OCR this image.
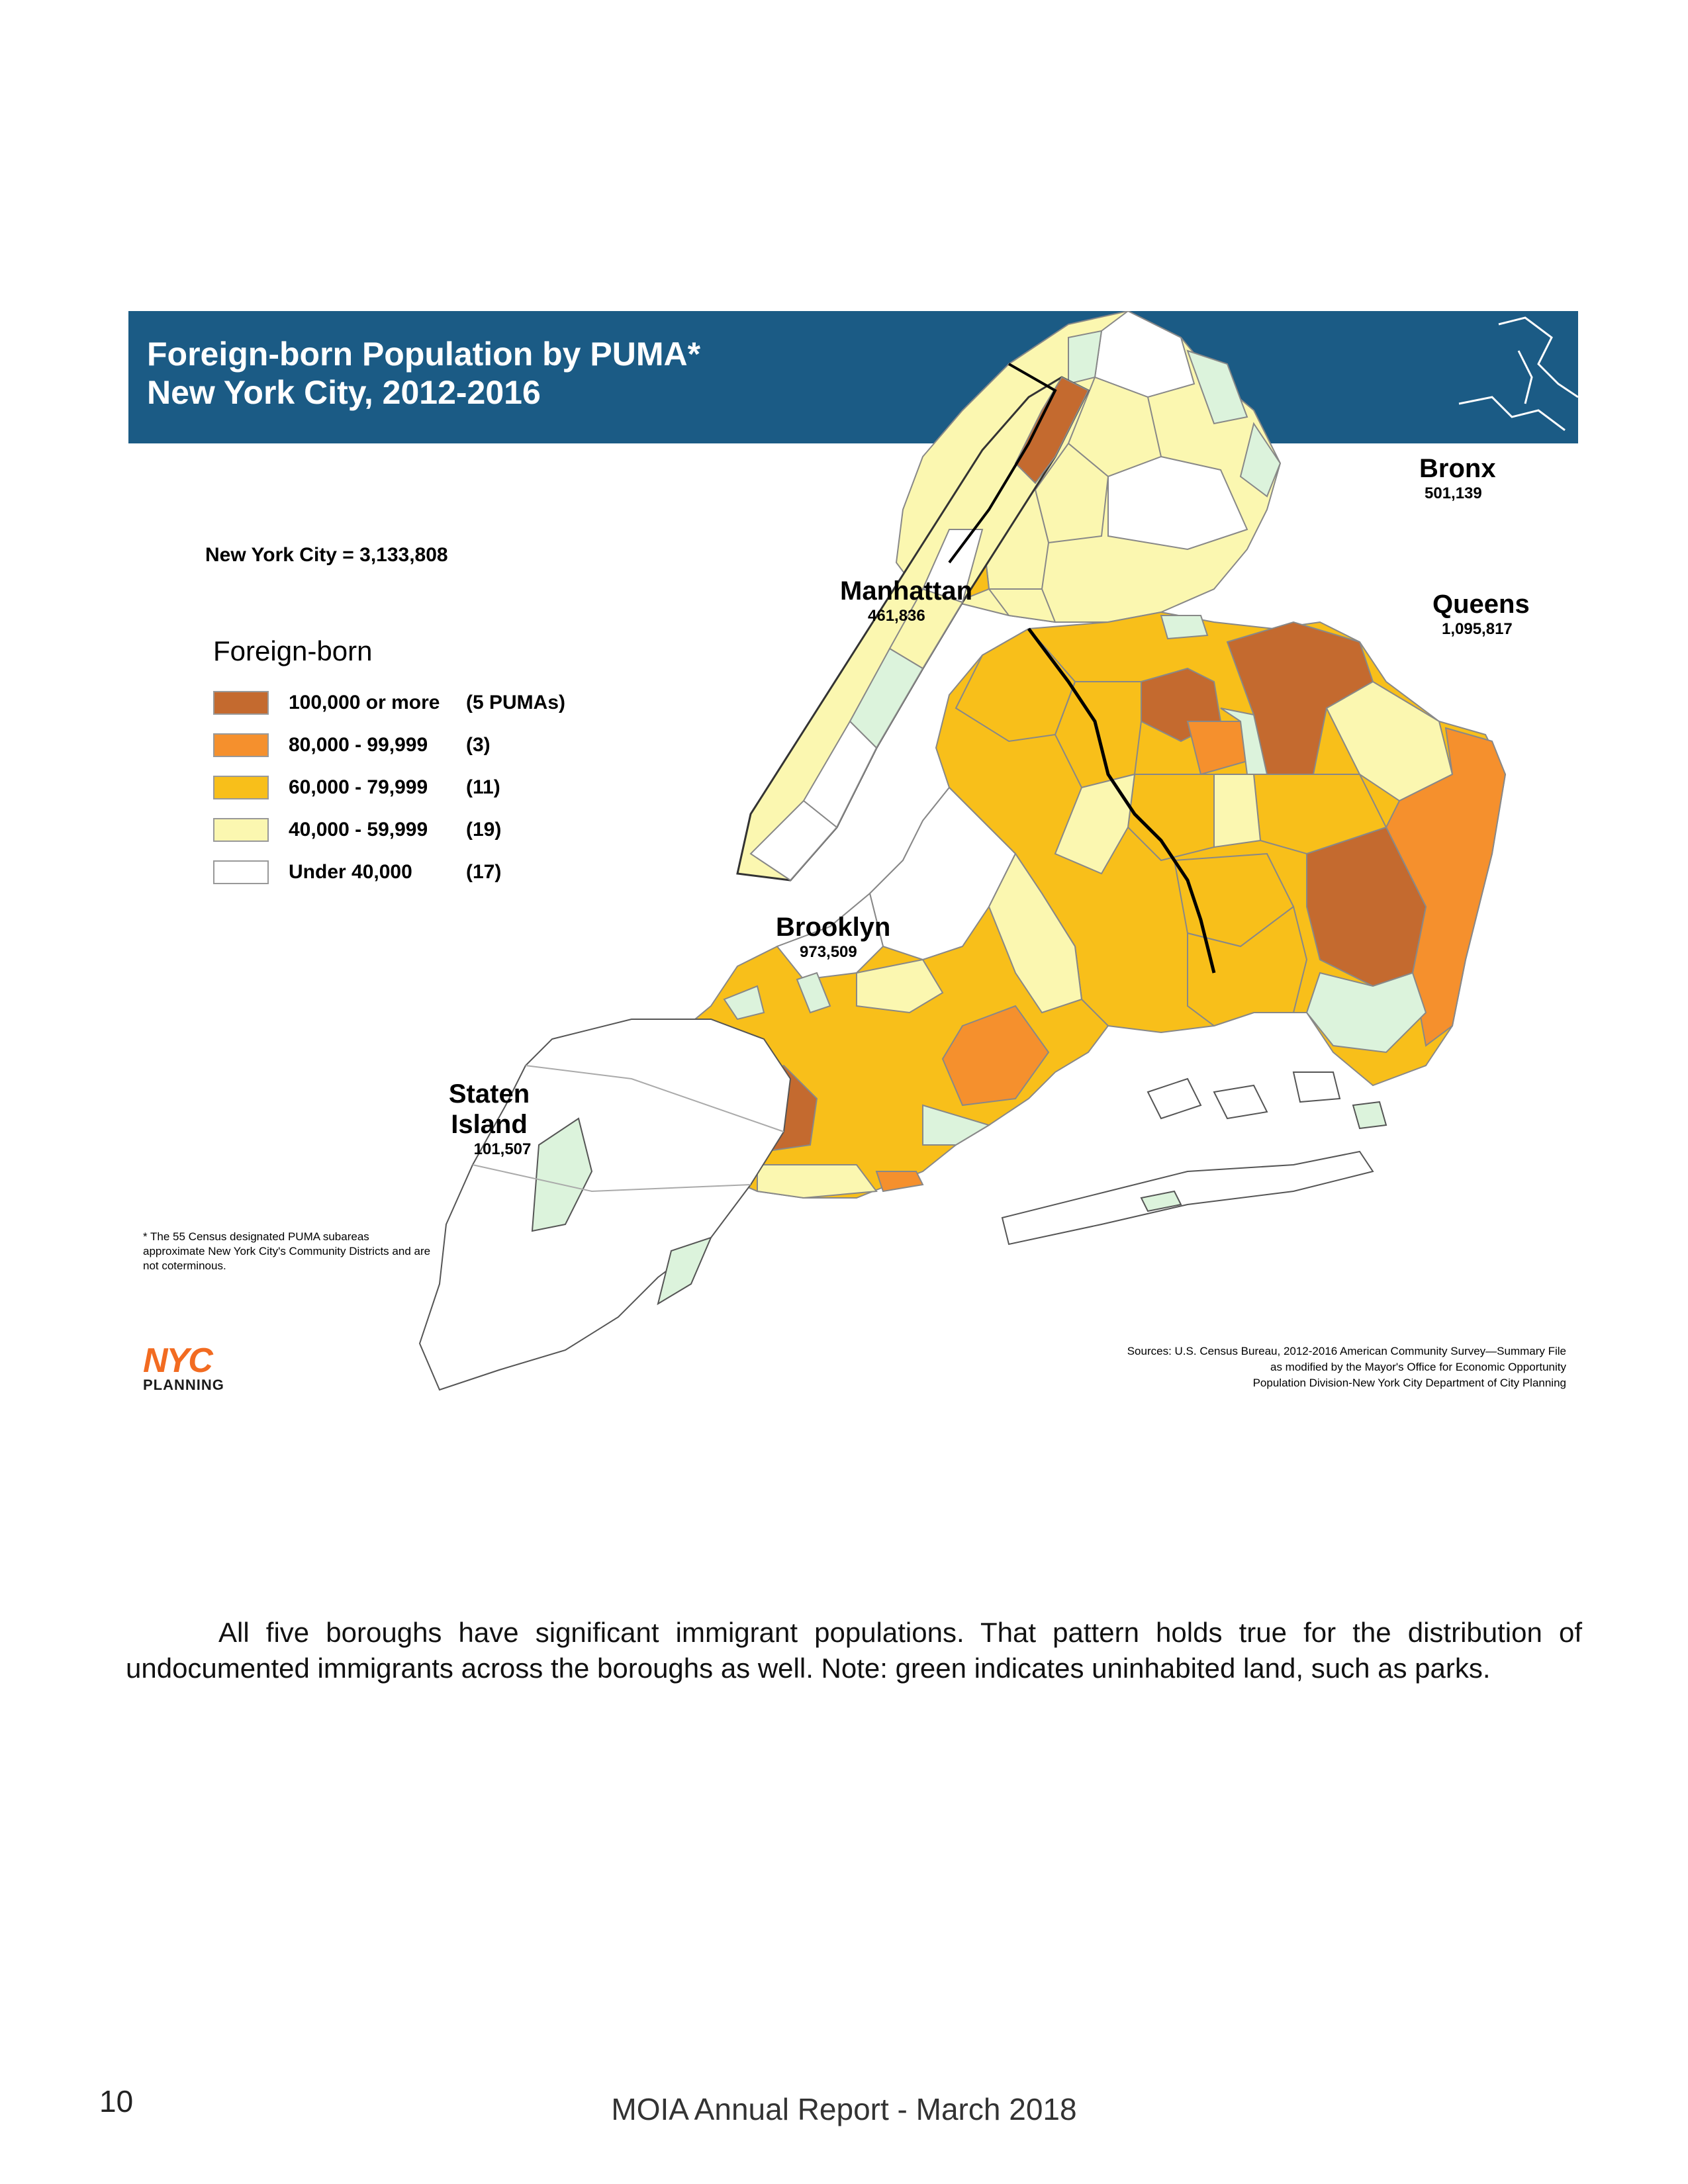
Foreign-born Population by PUMA*
New York City, 2012-2016
New York City = 3,133,808
Foreign-born
100,000 or more	(5 PUMAs)
80,000 - 99,999	(3)
60,000 - 79,999	(11)
40,000 - 59,999	(19)
Under 40,000	(17)
Bronx
501,139
Queens
1,095,817
Manhattan
461,836
Brooklyn
973,509
Staten Island
101,507
* The 55 Census designated PUMA subareas approximate New York City's Community Districts and are not coterminous.
NYC
PLANNING
Sources: U.S. Census Bureau, 2012-2016 American Community Survey—Summary File
as modified by the Mayor's Office for Economic Opportunity
Population Division-New York City Department of City Planning
All five boroughs have significant immigrant populations. That pattern holds true for the distribution of undocumented immigrants across the boroughs as well. Note: green indicates uninhabited land, such as parks.
10	MOIA Annual Report - March 2018
